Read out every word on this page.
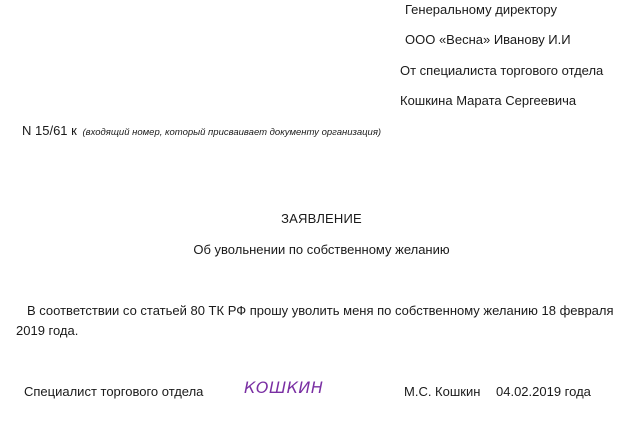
Генеральному директору
ООО «Весна» Иванову И.И
От специалиста торгового отдела
Кошкина Марата Сергеевича
N 15/61 к (входящий номер, который присваивает документу организация)
ЗАЯВЛЕНИЕ
Об увольнении по собственному желанию
В соответствии со статьей 80 ТК РФ прошу уволить меня по собственному желанию 18 февраля
2019 года.
Специалист торгового отдела	КОШКИН	М.С. Кошкин 04.02.2019 года
